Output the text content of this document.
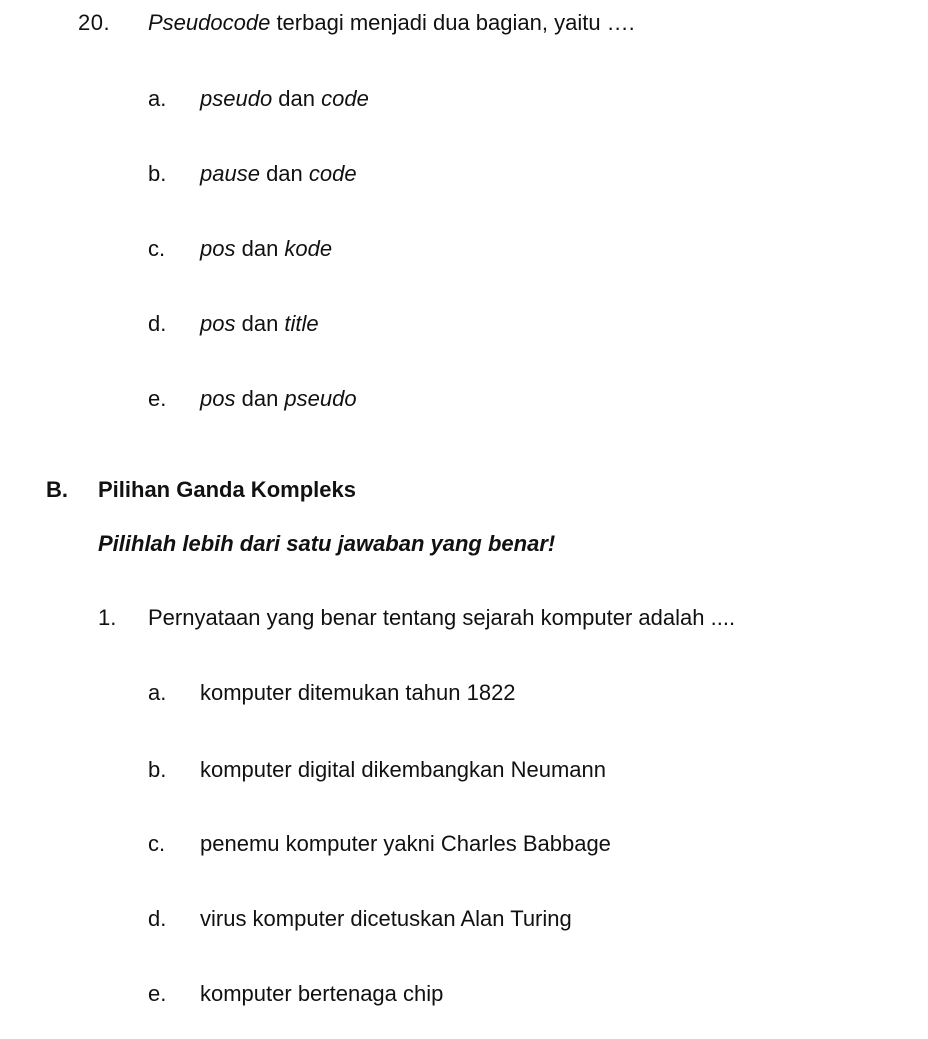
20. Pseudocode terbagi menjadi dua bagian, yaitu ….
a. pseudo dan code
b. pause dan code
c. pos dan kode
d. pos dan title
e. pos dan pseudo
B. Pilihan Ganda Kompleks
Pilihlah lebih dari satu jawaban yang benar!
1. Pernyataan yang benar tentang sejarah komputer adalah ....
a. komputer ditemukan tahun 1822
b. komputer digital dikembangkan Neumann
c. penemu komputer yakni Charles Babbage
d. virus komputer dicetuskan Alan Turing
e. komputer bertenaga chip
